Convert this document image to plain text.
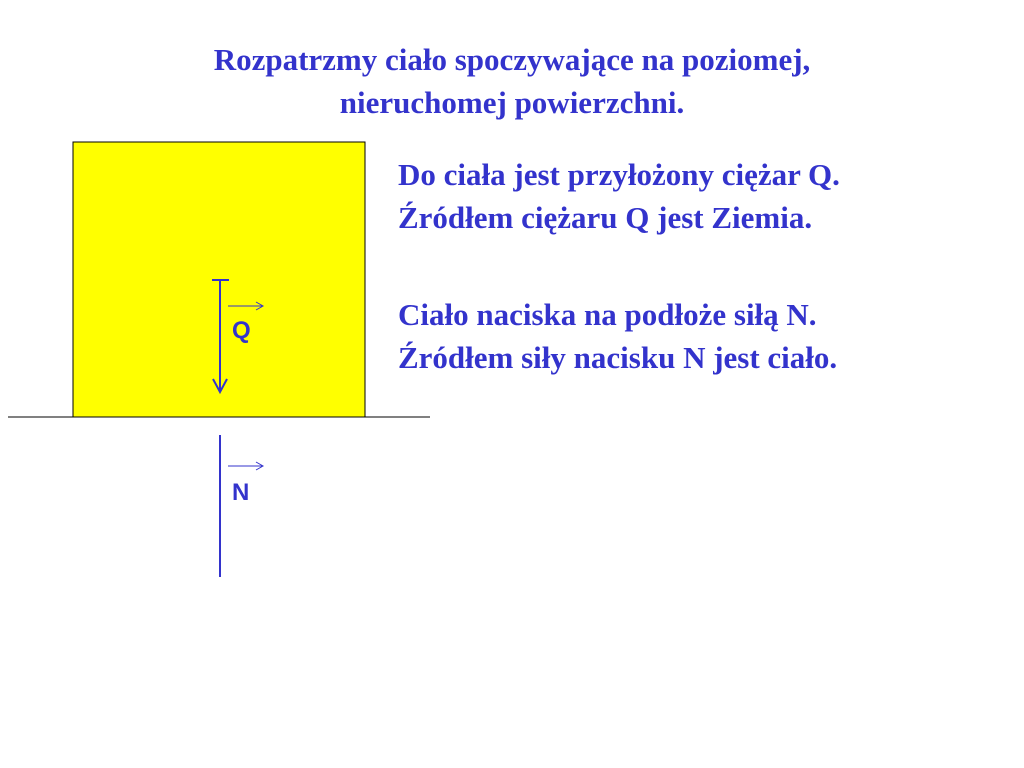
Rozpatrzmy ciało spoczywające na poziomej,
nieruchomej powierzchni.
Q
N
Do ciała jest przyłożony ciężar Q.
Źródłem ciężaru Q jest Ziemia.
Ciało naciska na podłoże siłą N.
Źródłem siły nacisku N jest ciało.
